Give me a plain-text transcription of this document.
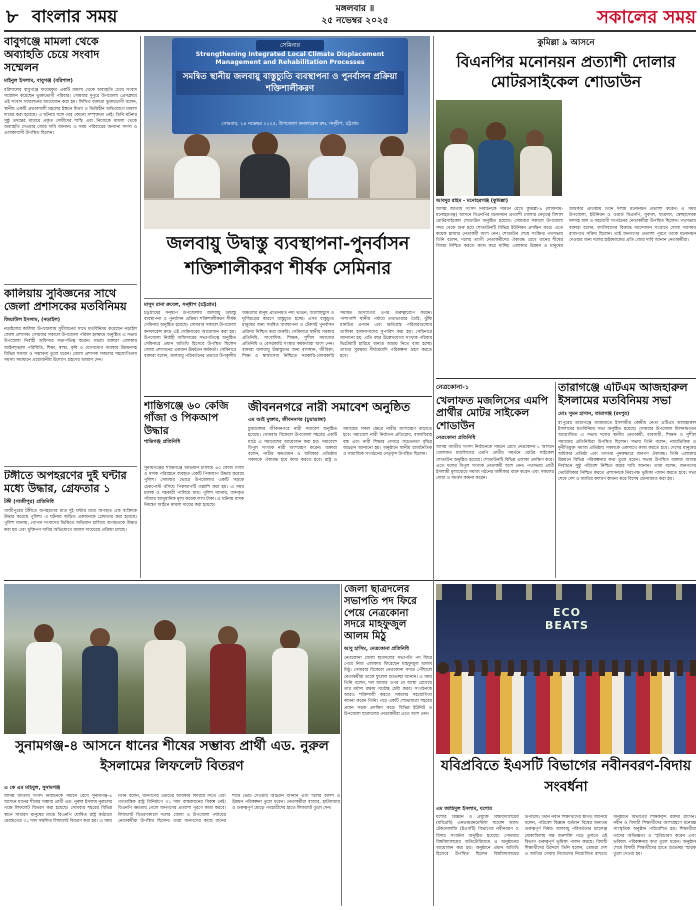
৮ বাংলার সময়	মঙ্গলবার ॥
২৫ নভেম্বর ২০২৫	সকালের সময়
বাবুগঞ্জে মামলা থেকে অব্যাহতি চেয়ে সংবাদ সম্মেলন
মাইনুল ইসলাম, বাবুগঞ্জ (বরিশাল)
বরিশালের বাবুগঞ্জে দায়েরকৃত একটি মামলা থেকে অব্যাহতি চেয়ে সংবাদ সম্মেলন করেছেন ভুক্তভোগী পরিবার। সোমবার দুপুরে উপজেলা প্রেসক্লাবে এই সংবাদ সম্মেলনের আয়োজন করা হয়। লিখিত বক্তব্যে ভুক্তভোগী বলেন, স্থানীয় একটি প্রভাবশালী মহলের ইন্ধনে মিথ্যা ও ভিত্তিহীন অভিযোগে মামলা দায়ের করা হয়েছে। এ ঘটনার সঙ্গে তার কোনো সম্পৃক্ততা নেই। তিনি ঘটনার সুষ্ঠু তদন্তের মাধ্যমে প্রকৃত দোষীদের শাস্তি এবং নিজেকে মামলা থেকে অব্যাহতি দেওয়ার জোর দাবি জানান। এ সময় পরিবারের অন্যান্য সদস্য ও এলাকাবাসী উপস্থিত ছিলেন।
কালিয়ায় সুবিজ্ঞনের সাথে জেলা প্রশাসকের মতবিনিময়
জিয়াউল ইসলাম, (নড়াইল)
নড়াইলের কালিয়া উপজেলায় সুধীজনের সাথে মতবিনিময় করেছেন নড়াইল জেলা প্রশাসক। সোমবার সকালে উপজেলা পরিষদ হলরুমে অনুষ্ঠিত এ সভায় উপজেলা নির্বাহী অফিসার সভাপতিত্ব করেন। সভায় বক্তারা এলাকার আইনশৃঙ্খলা পরিস্থিতি, শিক্ষা, স্বাস্থ্য, কৃষি ও যোগাযোগ ব্যবস্থার উন্নয়নসহ বিভিন্ন সমস্যা ও সম্ভাবনা তুলে ধরেন। জেলা প্রশাসক সকলের সহযোগিতায় সমস্যা সমাধানে প্রয়োজনীয় উদ্যোগ গ্রহণের আশ্বাস দেন।
টঙ্গীতে অপহরণের দুই ঘন্টার মধ্যে উদ্ধার, গ্রেফতার ১
টঙ্গী (গাজীপুর) প্রতিনিধি
গাজীপুরের টঙ্গীতে অপহরণের মাত্র দুই ঘন্টার মধ্যে অপহৃত এক ব্যক্তিকে উদ্ধার করেছে পুলিশ। এ ঘটনায় জড়িত একজনকে গ্রেফতার করা হয়েছে। পুলিশ জানায়, গোপন সংবাদের ভিত্তিতে অভিযান চালিয়ে অপহৃতকে উদ্ধার করা হয় এবং মুক্তিপণ দাবির অভিযোগে মামলা দায়েরের প্রক্রিয়া চলছে।
সেমিনার
Strengthening Integrated Local Climate Displacement Management and Rehabilitation Processes
সমন্বিত স্থানীয় জলবায়ু বাস্তুচ্যুতি ব্যবস্থাপনা ও পুনর্বাসন প্রক্রিয়া শক্তিশালীকরণ
সোমবার, ২৪ নভেম্বর ২০২৫, উপজেলা কনফারেন্স রুম, সন্দ্বীপ, চট্টগ্রাম
কুমিল্লা ৯ আসনে
বিএনপির মনোনয়ন প্রত্যাশী দোলার মোটরসাইকেল শোডাউন
আবদুর রহিম - মনোহরগঞ্জ (কুমিল্লা)
আসন্ন জাতীয় সংসদ নির্বাচনকে সামনে রেখে কুমিল্লা-৯ (লাকসাম-মনোহরগঞ্জ) আসনে বিএনপির মনোনয়ন প্রত্যাশী দোলার নেতৃত্বে বিশাল মোটরসাইকেল শোডাউন অনুষ্ঠিত হয়েছে। সোমবার সকালে উপজেলা সদর থেকে শুরু হয়ে শোডাউনটি বিভিন্ন ইউনিয়ন প্রদক্ষিণ করে। এতে কয়েক হাজার নেতাকর্মী অংশ নেন। শোডাউন শেষে সংক্ষিপ্ত পথসভায় তিনি বলেন, দলের ত্যাগী নেতাকর্মীদের ঐক্যবদ্ধ রেখে ধানের শীষের বিজয় নিশ্চিত করতে কাজ করে যাচ্ছি। এলাকার উন্নয়ন ও মানুষের অধিকার প্রতিষ্ঠায় তিনি দলীয় মনোনয়ন প্রত্যাশা করেন। এ সময় উপজেলা, ইউনিয়ন ও ওয়ার্ড বিএনপি, যুবদল, ছাত্রদল, স্বেচ্ছাসেবক দলসহ অঙ্গ ও সহযোগী সংগঠনের নেতাকর্মীরা উপস্থিত ছিলেন। পথসভায় বক্তারা বলেন, ফ্যাসিবাদের বিরুদ্ধে আন্দোলন সংগ্রামে দোলা সবসময় রাজপথে সক্রিয় ছিলেন। তাই জনগণের প্রত্যাশা পূরণে তাকে মনোনয়ন দেওয়ার জন্য দলের হাইকমান্ডের প্রতি জোর দাবি জানান নেতাকর্মীরা।
জলবায়ু উদ্বাস্তু ব্যবস্থাপনা-পুনর্বাসন শক্তিশালীকরণ শীর্ষক সেমিনার
মাসুদ রানা রুবেল, সন্দ্বীপ (চট্টগ্রাম)
চট্টগ্রামের সন্দ্বীপ উপজেলায় জলবায়ু উদ্বাস্তু ব্যবস্থাপনা ও পুনর্বাসন প্রক্রিয়া শক্তিশালীকরণ শীর্ষক সেমিনার অনুষ্ঠিত হয়েছে। সোমবার সকালে উপজেলা কনফারেন্স রুমে এই সেমিনারের আয়োজন করা হয়। উপজেলা নির্বাহী অফিসারের সভাপতিত্বে অনুষ্ঠিত সেমিনারে প্রধান অতিথি হিসেবে উপস্থিত ছিলেন জেলা প্রশাসনের একজন ঊর্ধ্বতন কর্মকর্তা। সেমিনারে বক্তারা বলেন, জলবায়ু পরিবর্তনের প্রভাবে উপকূলীয় অঞ্চলের মানুষ প্রতিনিয়ত নদী ভাঙন, জলোচ্ছ্বাস ও ঘূর্ণিঝড়ের কারণে বাস্তুচ্যুত হচ্ছে। এসব বাস্তুচ্যুত মানুষের জন্য সমন্বিত ব্যবস্থাপনা ও টেকসই পুনর্বাসন প্রক্রিয়া নিশ্চিত করা জরুরি। সেমিনারে স্থানীয় সরকার প্রতিনিধি, সাংবাদিক, শিক্ষক, সুশীল সমাজের প্রতিনিধি ও বেসরকারি সংস্থার কর্মকর্তারা অংশ নেন। বক্তারা জলবায়ু উদ্বাস্তুদের জন্য বাসস্থান, জীবিকা, শিক্ষা ও স্বাস্থ্যসেবা নিশ্চিতে সরকারি-বেসরকারি সমন্বিত উদ্যোগের ওপর গুরুত্বারোপ করেন। পাশাপাশি স্থানীয় পর্যায়ে তথ্যভাণ্ডার তৈরি, ঝুঁকি মানচিত্র প্রণয়ন এবং ক্ষতিগ্রস্ত পরিবারগুলোর তালিকা হালনাগাদের সুপারিশ করা হয়। সেমিনারে জানানো হয়, প্রতি বছর উল্লেখযোগ্য সংখ্যক পরিবার ভিটেমাটি হারিয়ে অন্যত্র আশ্রয় নিতে বাধ্য হচ্ছে। তাদের সুরক্ষায় দীর্ঘমেয়াদি পরিকল্পনা গ্রহণ করতে হবে।
নেত্রকোনা-১
খেলাফত মজলিসের এমপি প্রার্থীর মোটর সাইকেল শোডাউন
নেত্রকোনা প্রতিনিধি
আসন্ন জাতীয় সংসদ নির্বাচনকে সামনে রেখে নেত্রকোনা-১ আসনে খেলাফত মজলিসের এমপি প্রার্থীর সমর্থনে মোটর সাইকেল শোডাউন অনুষ্ঠিত হয়েছে। শোডাউনটি বিভিন্ন এলাকা প্রদক্ষিণ করে। এতে দলের বিপুল সংখ্যক নেতাকর্মী অংশ নেন। পথসভায় প্রার্থী ইসলামী মূল্যবোধে সমাজ গঠনের অঙ্গীকার ব্যক্ত করেন এবং সকলের দোয়া ও সমর্থন কামনা করেন।
তারাগঞ্জে এটিএম আজহারুল ইসলামের মতবিনিময় সভা
মোঃ সুমন হাসান, তারাগঞ্জ (রংপুর)
রংপুরের তারাগঞ্জে জামায়াতে ইসলামীর কেন্দ্রীয় নেতা এটিএম আজহারুল ইসলামের মতবিনিময় সভা অনুষ্ঠিত হয়েছে। সোমবার উপজেলা মিলনায়তনে আয়োজিত এ সভায় দলের স্থানীয় নেতাকর্মী, ব্যবসায়ী, শিক্ষক ও সুশীল সমাজের প্রতিনিধিরা উপস্থিত ছিলেন। সভায় তিনি বলেন, ন্যায়ভিত্তিক ও দুর্নীতিমুক্ত সমাজ প্রতিষ্ঠায় সকলকে একসাথে কাজ করতে হবে। দেশের মানুষের অধিকার প্রতিষ্ঠা এবং গণতন্ত্র পুনরুদ্ধারে জনগণ ঐক্যবদ্ধ। তিনি এলাকার উন্নয়নে বিভিন্ন পরিকল্পনার কথা তুলে ধরেন। সভায় উপস্থিত বক্তারা আসন্ন নির্বাচনে সুষ্ঠু পরিবেশ নিশ্চিত করার দাবি জানান। তারা বলেন, জনগণের ভোটাধিকার নিশ্চিত করতে প্রশাসনকে নিরপেক্ষ ভূমিকা পালন করতে হবে। সভা শেষে দেশ ও জাতির কল্যাণ কামনা করে বিশেষ মোনাজাত করা হয়।
শান্তিগঞ্জে ৬০ কেজি গাঁজা ও পিকআপ উদ্ধার
শান্তিগঞ্জ প্রতিনিধি
সুনামগঞ্জের শান্তিগঞ্জে অভিযান চালিয়ে ৬০ কেজি গাঁজা ও মাদক পরিবহনে ব্যবহৃত একটি পিকআপ উদ্ধার করেছে পুলিশ। সোমবার ভোরে উপজেলার একটি সড়কে চেকপোস্ট বসিয়ে পিকআপটি তল্লাশি করা হয়। এ সময় চালক ও সহকারী পালিয়ে যায়। পুলিশ জানায়, জব্দকৃত গাঁজার আনুমানিক মূল্য কয়েক লাখ টাকা। এ ঘটনায় মাদক নিয়ন্ত্রণ আইনে মামলা দায়ের করা হয়েছে।
জীবননগরে নারী সমাবেশ অনুষ্ঠিত
এম আই মুক্তার, জীবননগর (চুয়াডাঙ্গা)
চুয়াডাঙ্গার জীবননগরে নারী সমাবেশ অনুষ্ঠিত হয়েছে। সোমবার বিকেলে উপজেলা শহরের একটি মাঠে এ সমাবেশের আয়োজন করা হয়। সমাবেশে বিপুল সংখ্যক নারী অংশগ্রহণ করেন। বক্তারা বলেন, নারীর ক্ষমতায়ন ও অধিকার প্রতিষ্ঠায় সকলকে ঐক্যবদ্ধ হয়ে কাজ করতে হবে। রাষ্ট্র ও সমাজের সকল ক্ষেত্রে নারীর অংশগ্রহণ বাড়াতে হবে। সমাবেশে নারী নির্যাতন প্রতিরোধ, বাল্যবিবাহ বন্ধ এবং নারী শিক্ষার প্রসারে সচেতনতা বৃদ্ধির আহ্বান জানানো হয়। অনুষ্ঠানে স্থানীয় রাজনৈতিক ও সামাজিক সংগঠনের নেতৃবৃন্দ উপস্থিত ছিলেন।
জেলা ছাত্রদলের সভাপতি পদ ফিরে পেয়ে নেত্রকোনা সদরে মাহফুজুল আলম মিঠু
আবু হাসিম, নেত্রকোনা প্রতিনিধি
নেত্রকোনা জেলা ছাত্রদলের সভাপতি পদ ফিরে পেয়ে নিজ এলাকায় ফিরেছেন মাহফুজুল আলম মিঠু। সোমবার বিকেলে নেত্রকোনা সদরে পৌঁছালে নেতাকর্মীরা তাকে ফুলেল শুভেচ্ছা জানান। এ সময় তিনি বলেন, দল আমার ওপর যে আস্থা রেখেছে তার মর্যাদা রক্ষায় সর্বোচ্চ চেষ্টা করব। সংগঠনকে আরও শক্তিশালী করতে সকলের সহযোগিতা কামনা করেন তিনি। পরে একটি শোভাযাত্রা শহরের প্রধান সড়ক প্রদক্ষিণ করে। বিভিন্ন ইউনিট ও উপজেলা ছাত্রদলের নেতাকর্মীরা এতে অংশ নেন।
ECO BEATS
সুনামগঞ্জ-৪ আসনে ধানের শীষের সম্ভাব্য প্রার্থী এড. নুরুল ইসলামের লিফলেট বিতরণ
এ কে এম মহিবুল, সুনামগঞ্জ
আসন্ন জাতীয় সংসদ নির্বাচনকে সামনে রেখে সুনামগঞ্জ-৪ আসনে ধানের শীষের সম্ভাব্য প্রার্থী এড. নুরুল ইসলাম নুরুলের পক্ষে লিফলেট বিতরণ করা হয়েছে। সোমবার শহরের বিভিন্ন স্থানে সাধারণ মানুষের মাঝে বিএনপি ঘোষিত রাষ্ট্র কাঠামো মেরামতের ৩১ দফা সম্বলিত লিফলেট বিতরণ করা হয়। এ সময় তিনি বলেন, জনগণের ভোটের অধিকার ফিরিয়ে দিতে এবং গণতান্ত্রিক রাষ্ট্র বিনির্মাণে ৩১ দফা বাস্তবায়নের বিকল্প নেই। বিএনপি ক্ষমতায় গেলে জনগণের প্রত্যাশা পূরণে কাজ করবে। লিফলেট বিতরণকালে দলের জেলা ও উপজেলা পর্যায়ের নেতাকর্মীরা উপস্থিত ছিলেন। তারা জনগণের কাছে ধানের শীষে ভোট দেওয়ার আহ্বান জানান এবং দলের আদর্শ ও উন্নয়ন পরিকল্পনা তুলে ধরেন। নেতাকর্মীরা বাজার, হাটবাজার ও গুরুত্বপূর্ণ মোড়ে পথচারীদের হাতে লিফলেট তুলে দেন।
যবিপ্রবিতে ইএসটি বিভাগের নবীনবরণ-বিদায় সংবর্ধনা
এম জাহিদুল ইসলাম, যশোর
যশোর বিজ্ঞান ও প্রযুক্তি বিশ্ববিদ্যালয়ের (যবিপ্রবি) এনভায়রনমেন্টাল সায়েন্স অ্যান্ড টেকনোলজি (ইএসটি) বিভাগের নবীনবরণ ও বিদায় সংবর্ধনা অনুষ্ঠিত হয়েছে। সোমবার বিশ্ববিদ্যালয়ের অডিটোরিয়ামে এ অনুষ্ঠানের আয়োজন করা হয়। অনুষ্ঠানে প্রধান অতিথি হিসেবে উপস্থিত ছিলেন বিশ্ববিদ্যালয়ের উপাচার্য। তিনি নবীন শিক্ষার্থীদের স্বাগত জানিয়ে বলেন, পরিবেশ বিজ্ঞান বর্তমান বিশ্বের অন্যতম গুরুত্বপূর্ণ বিষয়। জলবায়ু পরিবর্তনের চ্যালেঞ্জ মোকাবিলায় দক্ষ জনশক্তি গড়ে তুলতে এই বিভাগ গুরুত্বপূর্ণ ভূমিকা পালন করছে। বিদায়ী শিক্ষার্থীদের উদ্দেশে তিনি বলেন, তোমরা দেশ ও জাতির সেবায় নিজেদের নিয়োজিত রাখবে। অনুষ্ঠানে বিভাগের শিক্ষকবৃন্দ বক্তব্য রাখেন। নবীন ও বিদায়ী শিক্ষার্থীদের অংশগ্রহণে মনোজ্ঞ সাংস্কৃতিক অনুষ্ঠান পরিবেশিত হয়। শিক্ষার্থীরা তাদের অভিজ্ঞতা ও স্মৃতিচারণ করেন এবং ভবিষ্যৎ পরিকল্পনার কথা তুলে ধরেন। অনুষ্ঠান শেষে বিদায়ী শিক্ষার্থীদের হাতে শুভেচ্ছা স্মারক তুলে দেওয়া হয়।
